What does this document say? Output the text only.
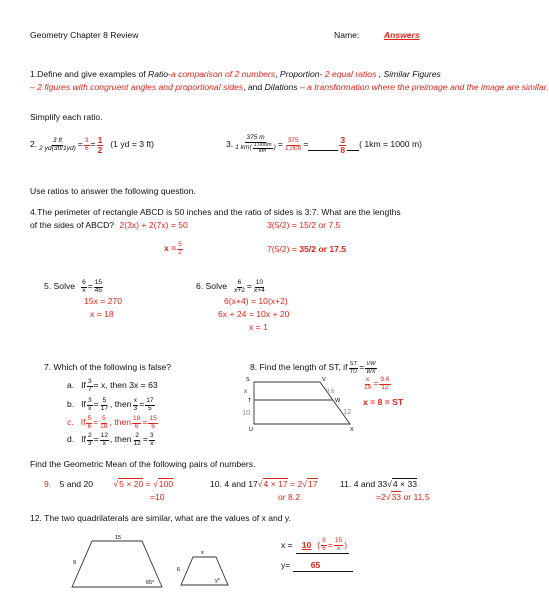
Geometry Chapter 8 Review	Name:	Answers
1.Define and give examples of Ratio-a comparison of 2 numbers, Proportion- 2 equal ratios , Similar Figures
– 2 figures with congruent angles and proportional sides, and Dilations – a transformation where the preimage and the image are similar.
Simplify each ratio.
2. $\frac{3 ft}{2 yd(3ft/1yd)} = \frac{3}{6} = \frac{1}{2} (1$ yd = 3 ft)	3. $\frac{375 m}{1 km( \frac{1,000m}{km} )} = \frac{375}{1,000}$ =	$\frac{3}{8}$ ( 1km = 1000 m)
Use ratios to answer the following question.
4.The perimeter of rectangle ABCD is 50 inches and the ratio of sides is 3:7. What are the lengths
of the sides of ABCD? 2(3x) + 2(7x) = 50	3(5/2) = 15/2 or 7.5
$x = \frac{5}{2}$	7(5/2) = 35/2 or 17.5
5. Solve $\frac{6}{x} = \frac{15}{45}$
15x = 270
x = 18
6. Solve $\frac{6}{x+2} = \frac{10}{x+4}$
6(x+4) = 10(x+2)
6x + 24 = 10x + 20
x = 1
7. Which of the following is false?
a. If $\frac{3}{7} = x$ , then 3x = 63
b. If $\frac{3}{x} = \frac{5}{17}$ , then $\frac{x}{3} = \frac{17}{5}$
c. If $\frac{5}{6} = \frac{5}{18}$ , then $\frac{18}{6} = \frac{15}{6}$
d. If $\frac{2}{3} = \frac{12}{x}$ , then $\frac{2}{12} = \frac{3}{x}$
8. Find the length of ST, if $\frac{ST}{TU} = \frac{VW}{WX}$
$\frac{x}{10} = \frac{9.6}{12}$
x = 8 = ST
S	V
T	W
U	X
x	9.6
10	12
Find the Geometric Mean of the following pairs of numbers.
9. 5 and 20 √5 × 20 = √100
=10
10. 4 and 17√4 × 17 = 2√17
or 8.2
11. 4 and 33√4 × 33
=2√33 or 11.5
12. The two quadrilaterals are similar, what are the values of x and y.
15
9
65°
x
6
y°
x = 10 ( $\frac{9}{6} = \frac{15}{x}$ )
y= 65
